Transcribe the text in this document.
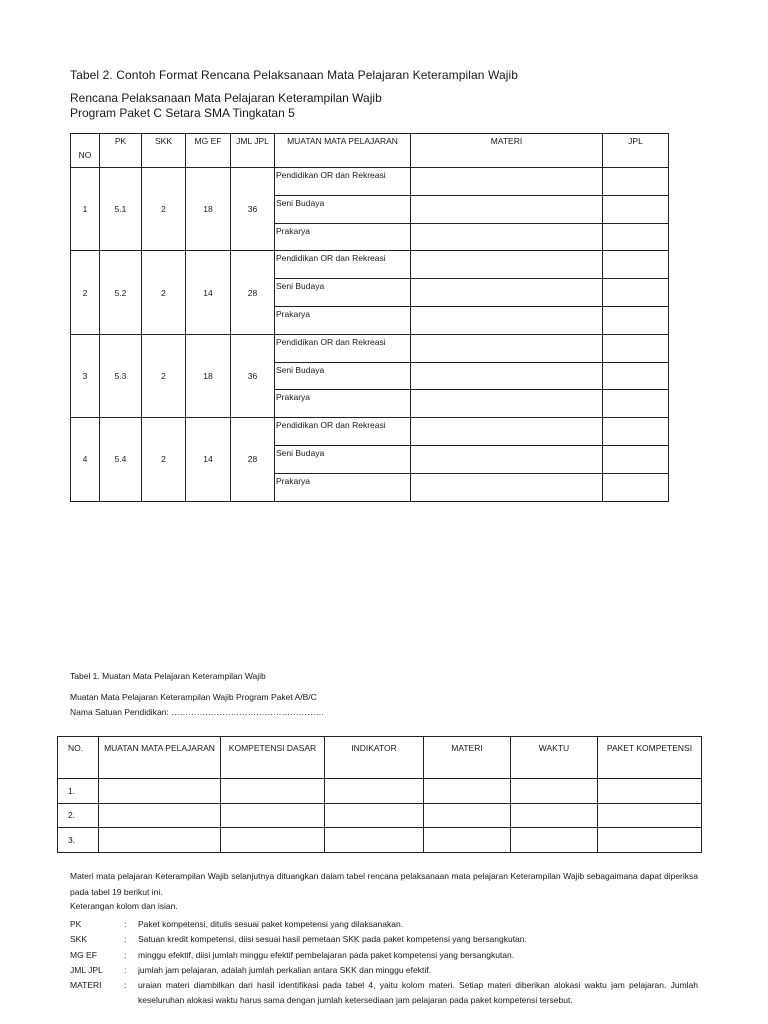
Tabel 2. Contoh Format Rencana Pelaksanaan Mata Pelajaran Keterampilan Wajib
Rencana Pelaksanaan Mata Pelajaran Keterampilan Wajib
Program Paket C Setara SMA Tingkatan 5
NO	PK	SKK	MG EF	JML JPL	MUATAN MATA PELAJARAN	MATERI	JPL
1	5.1	2	18	36	Pendidikan OR dan Rekreasi		
					Seni Budaya		
					Prakarya		
2	5.2	2	14	28	Pendidikan OR dan Rekreasi		
					Seni Budaya		
					Prakarya		
3	5.3	2	18	36	Pendidikan OR dan Rekreasi		
					Seni Budaya		
					Prakarya		
4	5.4	2	14	28	Pendidikan OR dan Rekreasi		
					Seni Budaya		
					Prakarya		
Tabel 1. Muatan Mata Pelajaran Keterampilan Wajib
Muatan Mata Pelajaran Keterampilan Wajib Program Paket A/B/C
Nama Satuan Pendidikan: ………………………………………………
NO.	MUATAN MATA PELAJARAN	KOMPETENSI DASAR	INDIKATOR	MATERI	WAKTU	PAKET KOMPETENSI
1.						
2.						
3.						
Materi mata pelajaran Keterampilan Wajib selanjutnya dituangkan dalam tabel rencana pelaksanaan mata pelajaran Keterampilan Wajib sebagaimana dapat diperiksa pada tabel 19 berikut ini.
Keterangan kolom dan isian.
PK	:	Paket kompetensi, ditulis sesuai paket kompetensi yang dilaksanakan.
SKK	:	Satuan kredit kompetensi, diisi sesuai hasil pemetaan SKK pada paket kompetensi yang bersangkutan.
MG EF	:	minggu efektif, diisi jumlah minggu efektif pembelajaran pada paket kompetensi yang bersangkutan.
JML JPL	:	jumlah jam pelajaran, adalah jumlah perkalian antara SKK dan minggu efektif.
MATERI	:	uraian materi diambilkan dari hasil identifikasi pada tabel 4, yaitu kolom materi. Setiap materi diberikan alokasi waktu jam pelajaran. Jumlah keseluruhan alokasi waktu harus sama dengan jumlah ketersediaan jam pelajaran pada paket kompetensi tersebut.
